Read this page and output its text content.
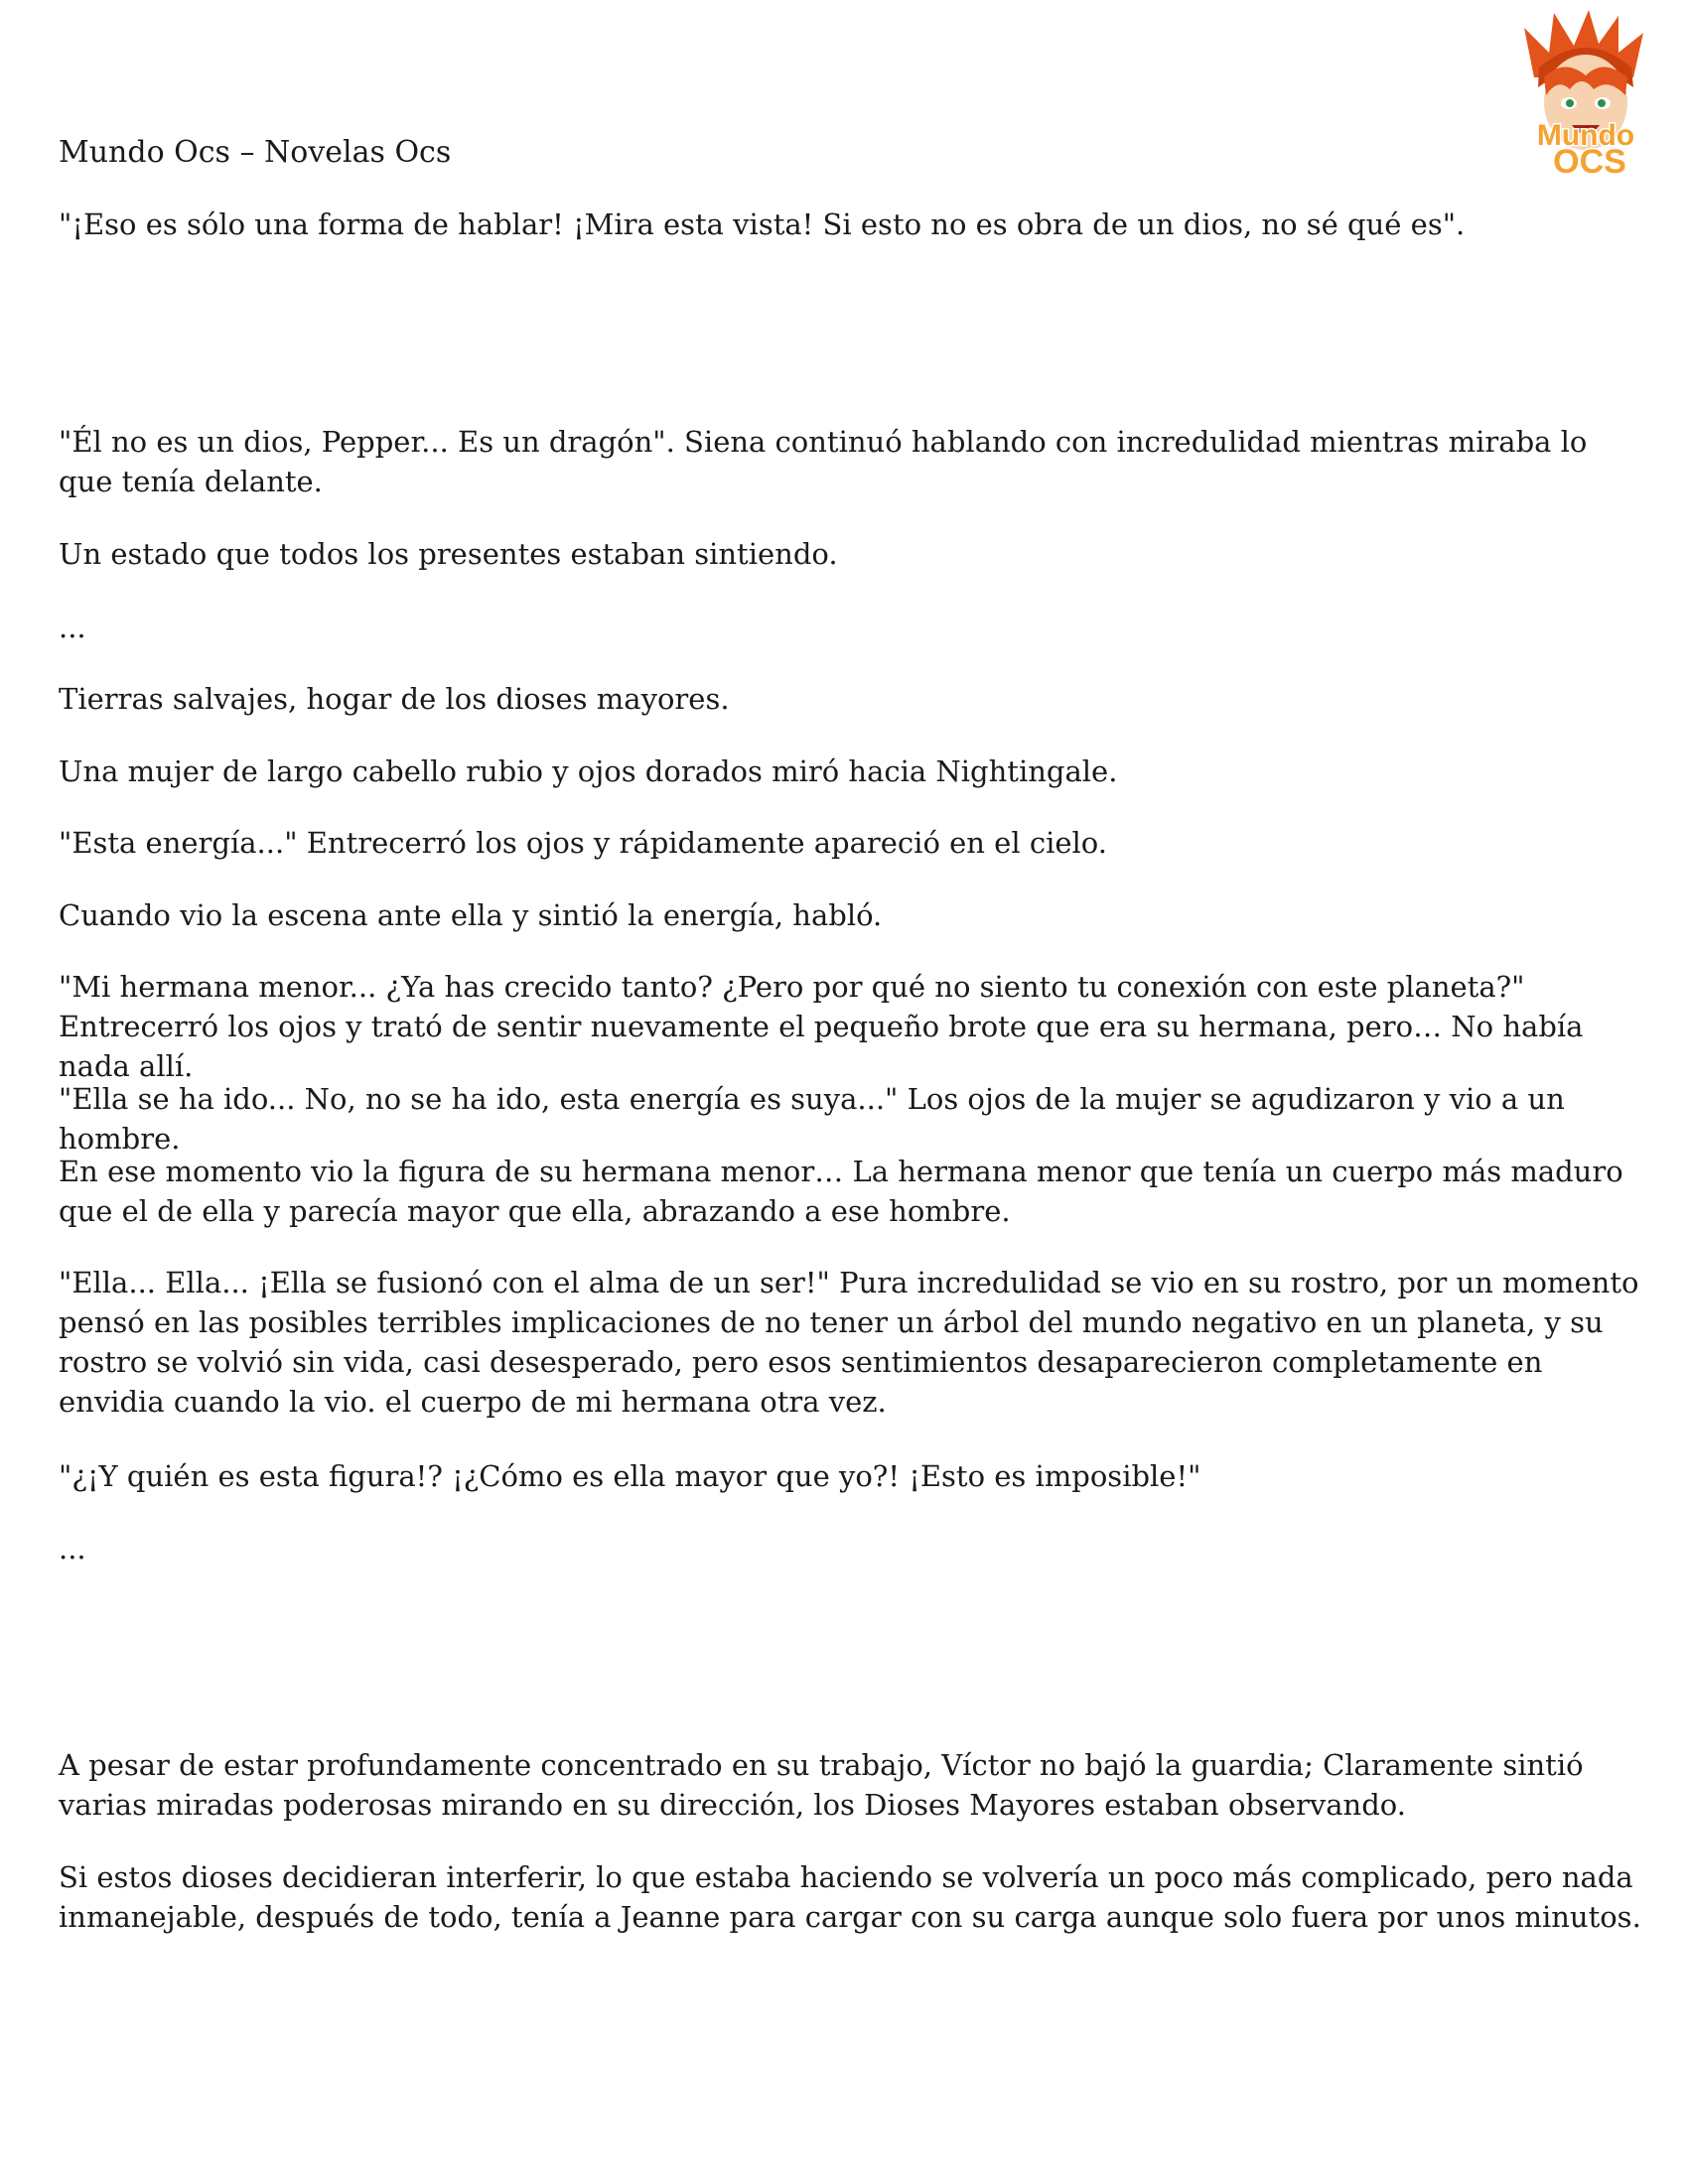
Mundo
OCS

Mundo Ocs – Novelas Ocs

"¡Eso es sólo una forma de hablar! ¡Mira esta vista! Si esto no es obra de un dios, no sé qué es".

"Él no es un dios, Pepper... Es un dragón". Siena continuó hablando con incredulidad mientras miraba lo que tenía delante.

Un estado que todos los presentes estaban sintiendo.

...

Tierras salvajes, hogar de los dioses mayores.

Una mujer de largo cabello rubio y ojos dorados miró hacia Nightingale.

"Esta energía..." Entrecerró los ojos y rápidamente apareció en el cielo.

Cuando vio la escena ante ella y sintió la energía, habló.

"Mi hermana menor... ¿Ya has crecido tanto? ¿Pero por qué no siento tu conexión con este planeta?" Entrecerró los ojos y trató de sentir nuevamente el pequeño brote que era su hermana, pero… No había nada allí.

"Ella se ha ido... No, no se ha ido, esta energía es suya..." Los ojos de la mujer se agudizaron y vio a un hombre.

En ese momento vio la figura de su hermana menor… La hermana menor que tenía un cuerpo más maduro que el de ella y parecía mayor que ella, abrazando a ese hombre.

"Ella... Ella... ¡Ella se fusionó con el alma de un ser!" Pura incredulidad se vio en su rostro, por un momento pensó en las posibles terribles implicaciones de no tener un árbol del mundo negativo en un planeta, y su rostro se volvió sin vida, casi desesperado, pero esos sentimientos desaparecieron completamente en envidia cuando la vio. el cuerpo de mi hermana otra vez.

"¿¡Y quién es esta figura!? ¡¿Cómo es ella mayor que yo?! ¡Esto es imposible!"

...

A pesar de estar profundamente concentrado en su trabajo, Víctor no bajó la guardia; Claramente sintió varias miradas poderosas mirando en su dirección, los Dioses Mayores estaban observando.

Si estos dioses decidieran interferir, lo que estaba haciendo se volvería un poco más complicado, pero nada inmanejable, después de todo, tenía a Jeanne para cargar con su carga aunque solo fuera por unos minutos.
